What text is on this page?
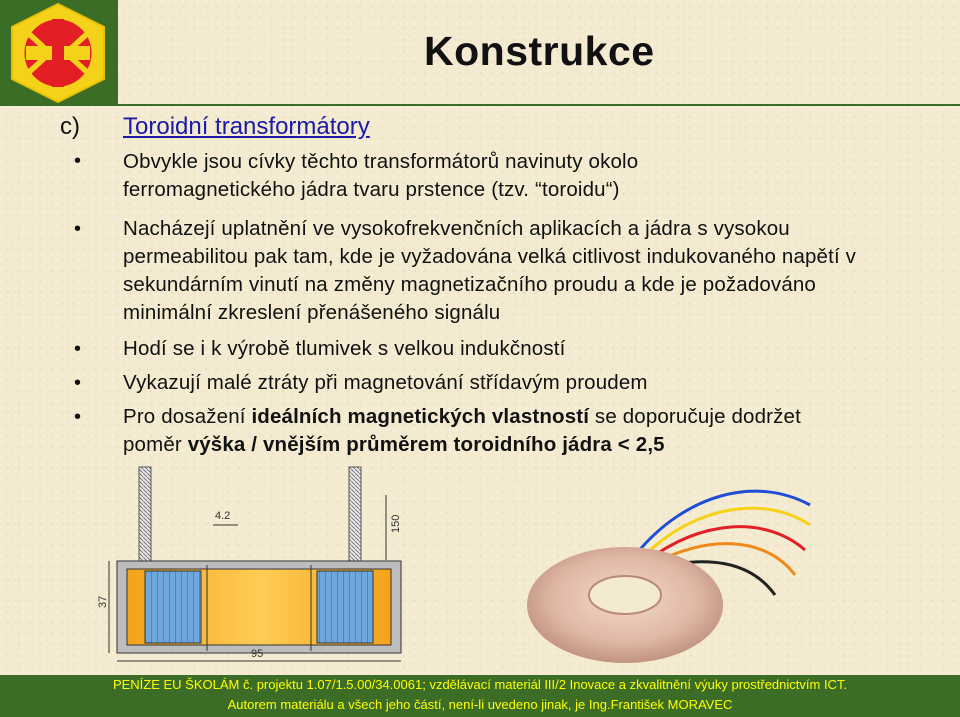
Konstrukce
c) Toroidní transformátory
• Obvykle jsou cívky těchto transformátorů navinuty okolo ferromagnetického jádra tvaru prstence (tzv. “toroidu“)
• Nacházejí uplatnění ve vysokofrekvenčních aplikacích a jádra s vysokou permeabilitou pak tam, kde je vyžadována velká citlivost indukovaného napětí v sekundárním vinutí na změny magnetizačního proudu a kde je požadováno minimální zkreslení přenášeného signálu
• Hodí se i k výrobě tlumivek s velkou indukčností
• Vykazují malé ztráty při magnetování střídavým proudem
• Pro dosažení ideálních magnetických vlastností se doporučuje dodržet poměr výška / vnějším průměrem toroidního jádra < 2,5
4.2	150
37
95
PENÍZE EU ŠKOLÁM č. projektu 1.07/1.5.00/34.0061; vzdělávací materiál III/2 Inovace a zkvalitnění výuky prostřednictvím ICT.
Autorem materiálu a všech jeho částí, není-li uvedeno jinak, je Ing.František MORAVEC
